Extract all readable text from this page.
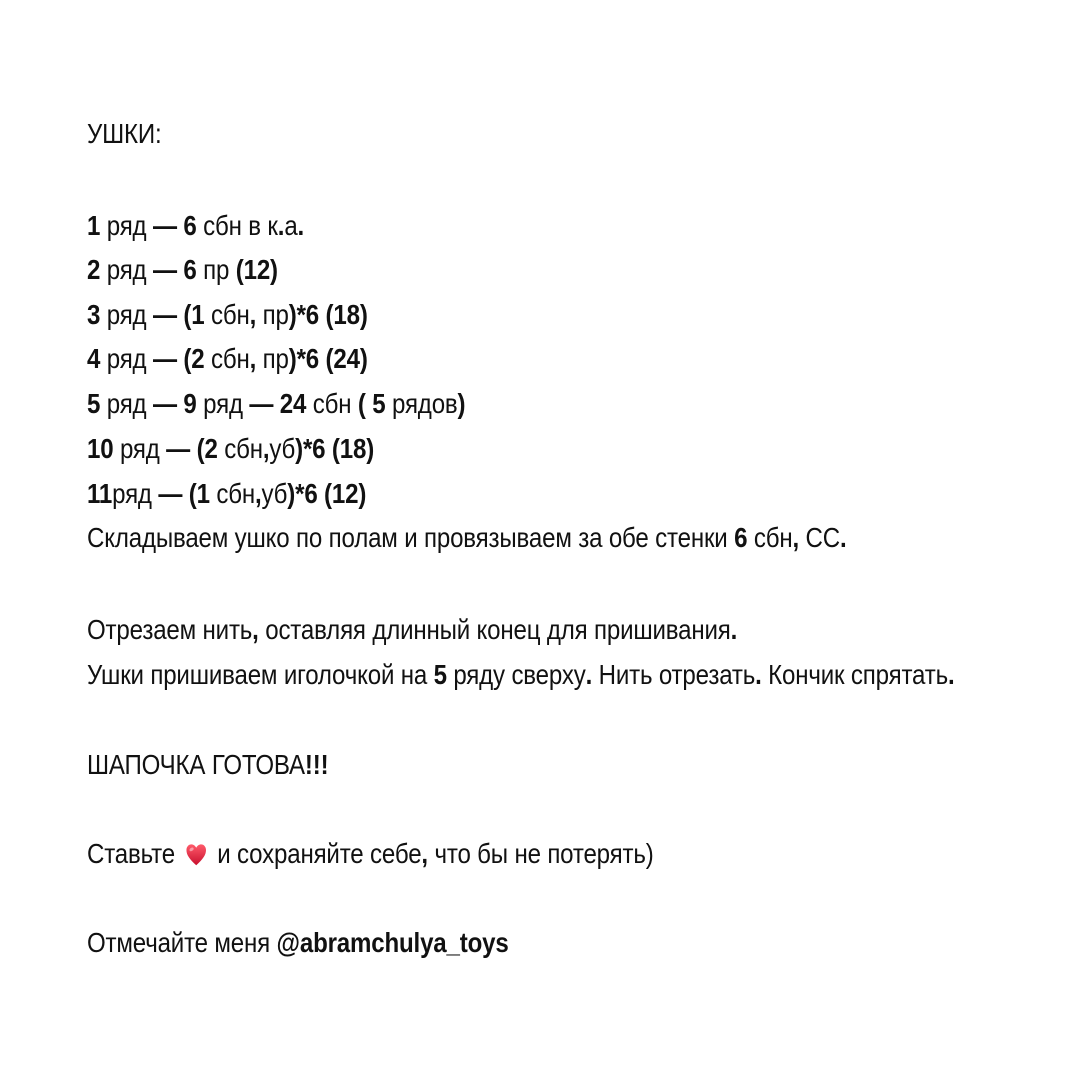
УШКИ:
1 ряд — 6 сбн в к.а.
2 ряд — 6 пр (12)
3 ряд — (1 сбн, пр)*6 (18)
4 ряд — (2 сбн, пр)*6 (24)
5 ряд — 9 ряд — 24 сбн ( 5 рядов)
10 ряд — (2 сбн,уб)*6 (18)
11ряд — (1 сбн,уб)*6 (12)
Складываем ушко по полам и провязываем за обе стенки 6 сбн, СС.
Отрезаем нить, оставляя длинный конец для пришивания.
Ушки пришиваем иголочкой на 5 ряду сверху. Нить отрезать. Кончик спрятать.
ШАПОЧКА ГОТОВА!!!
Ставьте
и сохраняйте себе, что бы не потерять)
Отмечайте меня @abramchulya_toys
